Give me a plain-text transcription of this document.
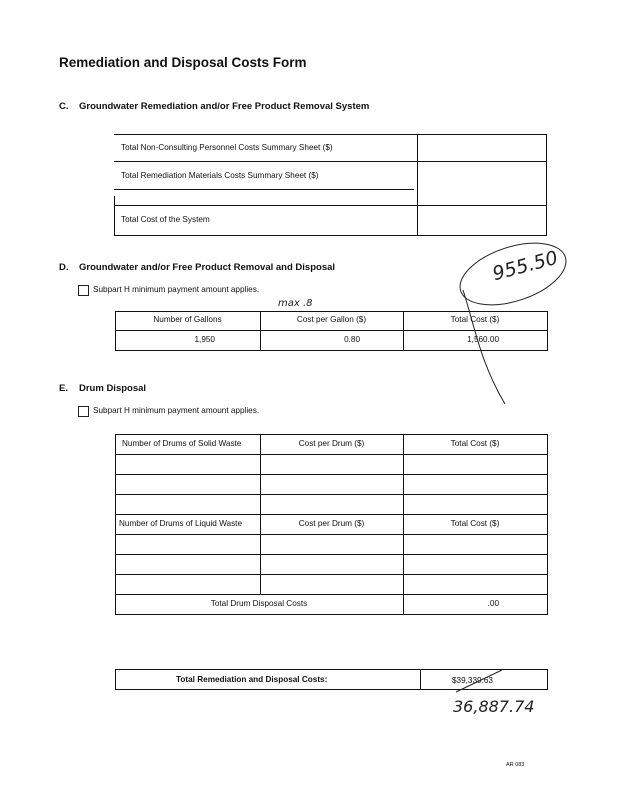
Remediation and Disposal Costs Form
C. Groundwater Remediation and/or Free Product Removal System
Total Non-Consulting Personnel Costs Summary Sheet ($)
Total Remediation Materials Costs Summary Sheet ($)
Total Cost of the System
D. Groundwater and/or Free Product Removal and Disposal
Subpart H minimum payment amount applies.
max .8
Number of Gallons	Cost per Gallon ($)	Total Cost ($)
1,950	0.80	1,560.00
955.50
E. Drum Disposal
Subpart H minimum payment amount applies.
Number of Drums of Solid Waste	Cost per Drum ($)	Total Cost ($)
Number of Drums of Liquid Waste	Cost per Drum ($)	Total Cost ($)
Total Drum Disposal Costs	.00
Total Remediation and Disposal Costs:	$39,339.63
36,887.74
AR 083
